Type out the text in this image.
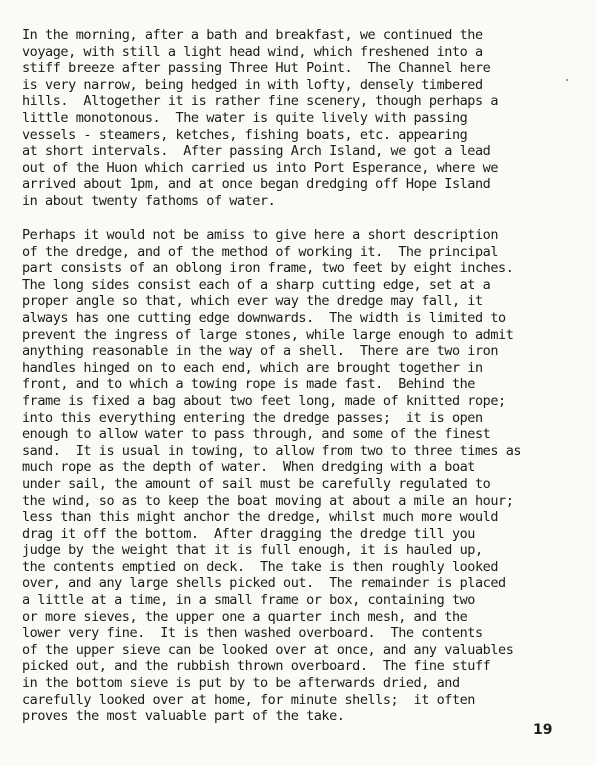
In the morning, after a bath and breakfast, we continued the
voyage, with still a light head wind, which freshened into a
stiff breeze after passing Three Hut Point.  The Channel here
is very narrow, being hedged in with lofty, densely timbered
hills.  Altogether it is rather fine scenery, though perhaps a
little monotonous.  The water is quite lively with passing
vessels - steamers, ketches, fishing boats, etc. appearing
at short intervals.  After passing Arch Island, we got a lead
out of the Huon which carried us into Port Esperance, where we
arrived about 1pm, and at once began dredging off Hope Island
in about twenty fathoms of water.
Perhaps it would not be amiss to give here a short description
of the dredge, and of the method of working it.  The principal
part consists of an oblong iron frame, two feet by eight inches.
The long sides consist each of a sharp cutting edge, set at a
proper angle so that, which ever way the dredge may fall, it
always has one cutting edge downwards.  The width is limited to
prevent the ingress of large stones, while large enough to admit
anything reasonable in the way of a shell.  There are two iron
handles hinged on to each end, which are brought together in
front, and to which a towing rope is made fast.  Behind the
frame is fixed a bag about two feet long, made of knitted rope;
into this everything entering the dredge passes;  it is open
enough to allow water to pass through, and some of the finest
sand.  It is usual in towing, to allow from two to three times as
much rope as the depth of water.  When dredging with a boat
under sail, the amount of sail must be carefully regulated to
the wind, so as to keep the boat moving at about a mile an hour;
less than this might anchor the dredge, whilst much more would
drag it off the bottom.  After dragging the dredge till you
judge by the weight that it is full enough, it is hauled up,
the contents emptied on deck.  The take is then roughly looked
over, and any large shells picked out.  The remainder is placed
a little at a time, in a small frame or box, containing two
or more sieves, the upper one a quarter inch mesh, and the
lower very fine.  It is then washed overboard.  The contents
of the upper sieve can be looked over at once, and any valuables
picked out, and the rubbish thrown overboard.  The fine stuff
in the bottom sieve is put by to be afterwards dried, and
carefully looked over at home, for minute shells;  it often
proves the most valuable part of the take.
19
